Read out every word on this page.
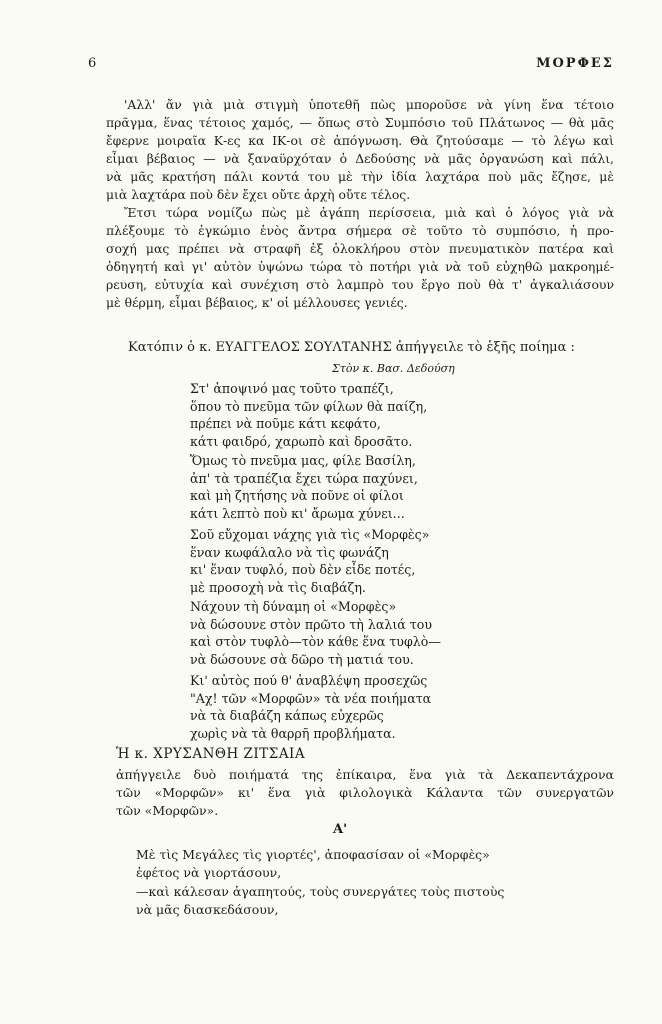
6	ΜΟΡΦΕΣ

'Αλλ' ἄν γιὰ μιὰ στιγμὴ ὑποτεθῆ πὼς μποροῦσε νὰ γίνη ἕνα τέτοιο
πρᾶγμα, ἕνας τέτοιος χαμός, — ὅπως στὸ Συμπόσιο τοῦ Πλάτωνος — θὰ μᾶς
ἔφερνε μοιραῖα Κ-ες κα ΙΚ-οι σὲ ἀπόγνωση. Θὰ ζητούσαμε — τὸ λέγω καὶ
εἶμαι βέβαιος — νὰ ξαναϋρχόταν ὁ Δεδούσης νὰ μᾶς ὀργανώση καὶ πάλι,
νὰ μᾶς κρατήση πάλι κοντά του μὲ τὴν ἰδία λαχτάρα ποὺ μᾶς ἔζησε, μὲ
μιὰ λαχτάρα ποὺ δὲν ἔχει οὔτε ἀρχὴ οὔτε τέλος.

Ἔτσι τώρα νομίζω πὼς μὲ ἀγάπη περίσσεια, μιὰ καὶ ὁ λόγος γιὰ νὰ
πλέξουμε τὸ ἐγκώμιο ἑνὸς ἄντρα σήμερα σὲ τοῦτο τὸ συμπόσιο, ἡ προ-
σοχή μας πρέπει νὰ στραφῆ ἐξ ὁλοκλήρου στὸν πνευματικὸν πατέρα καὶ
ὁδηγητή καὶ γι' αὐτὸν ὑψώνω τώρα τὸ ποτήρι γιὰ νὰ τοῦ εὐχηθῶ μακροημέ-
ρευση, εὐτυχία καὶ συνέχιση στὸ λαμπρὸ του ἔργο ποὺ θὰ τ' ἀγκαλιάσουν
μὲ θέρμη, εἶμαι βέβαιος, κ' οἱ μέλλουσες γενιές.

Κατόπιν ὁ κ. ΕΥΑΓΓΕΛΟΣ ΣΟΥΛΤΑΝΗΣ ἀπήγγειλε τὸ ἑξῆς ποίημα :
Στὸν κ. Βασ. Δεδούση
Στ' ἀποψινό μας τοῦτο τραπέζι,
ὅπου τὸ πνεῦμα τῶν φίλων θὰ παίζη,
πρέπει νὰ ποῦμε κάτι κεφάτο,
κάτι φαιδρό, χαρωπὸ καὶ δροσᾶτο.
Ὅμως τὸ πνεῦμα μας, φίλε Βασίλη,
ἀπ' τὰ τραπέζια ἔχει τώρα παχύνει,
καὶ μὴ ζητήσης νὰ ποῦνε οἱ φίλοι
κάτι λεπτὸ ποὺ κι' ἄρωμα χύνει...
Σοῦ εὔχομαι νάχης γιὰ τὶς «Μορφὲς»
ἕναν κωφάλαλο νὰ τὶς φωνάζη
κι' ἕναν τυφλό, ποὺ δὲν εἶδε ποτές,
μὲ προσοχὴ νὰ τὶς διαβάζη.
Νάχουν τὴ δύναμη οἱ «Μορφὲς»
νὰ δώσουνε στὸν πρῶτο τὴ λαλιά του
καὶ στὸν τυφλὸ—τὸν κάθε ἕνα τυφλὸ—
νὰ δώσουνε σὰ δῶρο τὴ ματιά του.
Κι' αὐτὸς πού θ' ἀναβλέψη προσεχῶς
"Αχ! τῶν «Μορφῶν» τὰ νέα ποιήματα
νὰ τὰ διαβάζη κάπως εὐχερῶς
χωρὶς νὰ τὰ θαρρῆ προβλήματα.
Ἡ κ. ΧΡΥΣΑΝΘΗ ΖΙΤΣΑΙΑ
ἀπήγγειλε δυὸ ποιήματά της ἐπίκαιρα, ἕνα γιὰ τὰ Δεκαπεντάχρονα
τῶν «Μορφῶν» κι' ἕνα γιὰ φιλολογικὰ Κάλαντα τῶν συνεργατῶν
τῶν «Μορφῶν».
Α'
Μὲ τὶς Μεγάλες τὶς γιορτές', ἀποφασίσαν οἱ «Μορφὲς»
ἐφέτος νὰ γιορτάσουν,
—καὶ κάλεσαν ἀγαπητούς, τοὺς συνεργάτες τοὺς πιστοὺς
νὰ μᾶς διασκεδάσουν,
